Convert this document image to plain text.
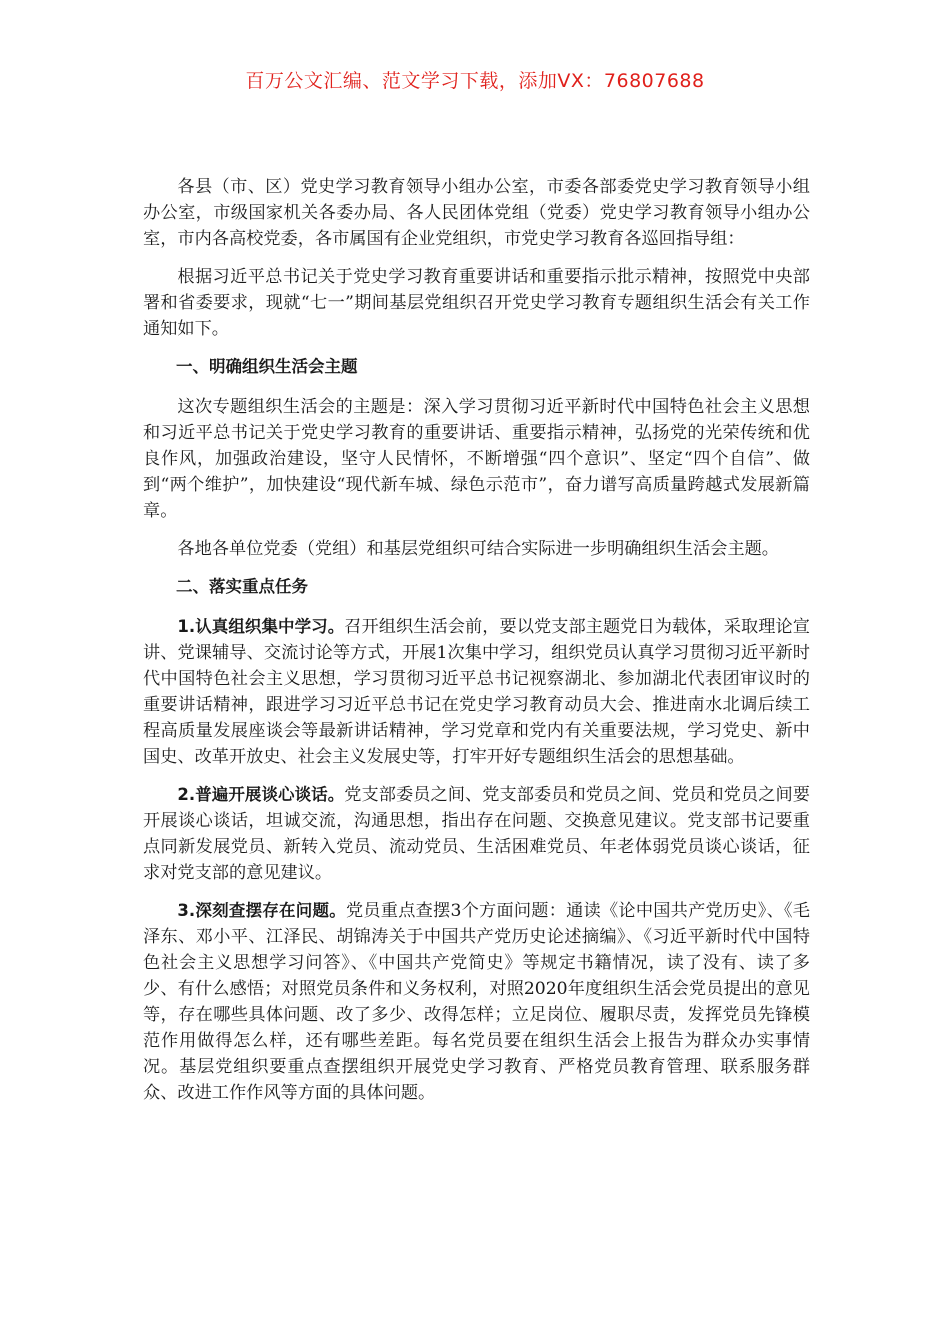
百万公文汇编、范文学习下载，添加VX：76807688

各县（市、区）党史学习教育领导小组办公室，市委各部委党史学习教育领导小组办公室，市级国家机关各委办局、各人民团体党组（党委）党史学习教育领导小组办公室，市内各高校党委，各市属国有企业党组织，市党史学习教育各巡回指导组：

根据习近平总书记关于党史学习教育重要讲话和重要指示批示精神，按照党中央部署和省委要求，现就“七一”期间基层党组织召开党史学习教育专题组织生活会有关工作通知如下。

一、明确组织生活会主题

这次专题组织生活会的主题是：深入学习贯彻习近平新时代中国特色社会主义思想和习近平总书记关于党史学习教育的重要讲话、重要指示精神，弘扬党的光荣传统和优良作风，加强政治建设，坚守人民情怀，不断增强“四个意识”、坚定“四个自信”、做到“两个维护”，加快建设“现代新车城、绿色示范市”，奋力谱写高质量跨越式发展新篇章。

各地各单位党委（党组）和基层党组织可结合实际进一步明确组织生活会主题。

二、落实重点任务

1.认真组织集中学习。召开组织生活会前，要以党支部主题党日为载体，采取理论宣讲、党课辅导、交流讨论等方式，开展1次集中学习，组织党员认真学习贯彻习近平新时代中国特色社会主义思想，学习贯彻习近平总书记视察湖北、参加湖北代表团审议时的重要讲话精神，跟进学习习近平总书记在党史学习教育动员大会、推进南水北调后续工程高质量发展座谈会等最新讲话精神，学习党章和党内有关重要法规，学习党史、新中国史、改革开放史、社会主义发展史等，打牢开好专题组织生活会的思想基础。

2.普遍开展谈心谈话。党支部委员之间、党支部委员和党员之间、党员和党员之间要开展谈心谈话，坦诚交流，沟通思想，指出存在问题、交换意见建议。党支部书记要重点同新发展党员、新转入党员、流动党员、生活困难党员、年老体弱党员谈心谈话，征求对党支部的意见建议。

3.深刻查摆存在问题。党员重点查摆3个方面问题：通读《论中国共产党历史》、《毛泽东、邓小平、江泽民、胡锦涛关于中国共产党历史论述摘编》、《习近平新时代中国特色社会主义思想学习问答》、《中国共产党简史》等规定书籍情况，读了没有、读了多少、有什么感悟；对照党员条件和义务权利，对照2020年度组织生活会党员提出的意见等，存在哪些具体问题、改了多少、改得怎样；立足岗位、履职尽责，发挥党员先锋模范作用做得怎么样，还有哪些差距。每名党员要在组织生活会上报告为群众办实事情况。基层党组织要重点查摆组织开展党史学习教育、严格党员教育管理、联系服务群众、改进工作作风等方面的具体问题。
